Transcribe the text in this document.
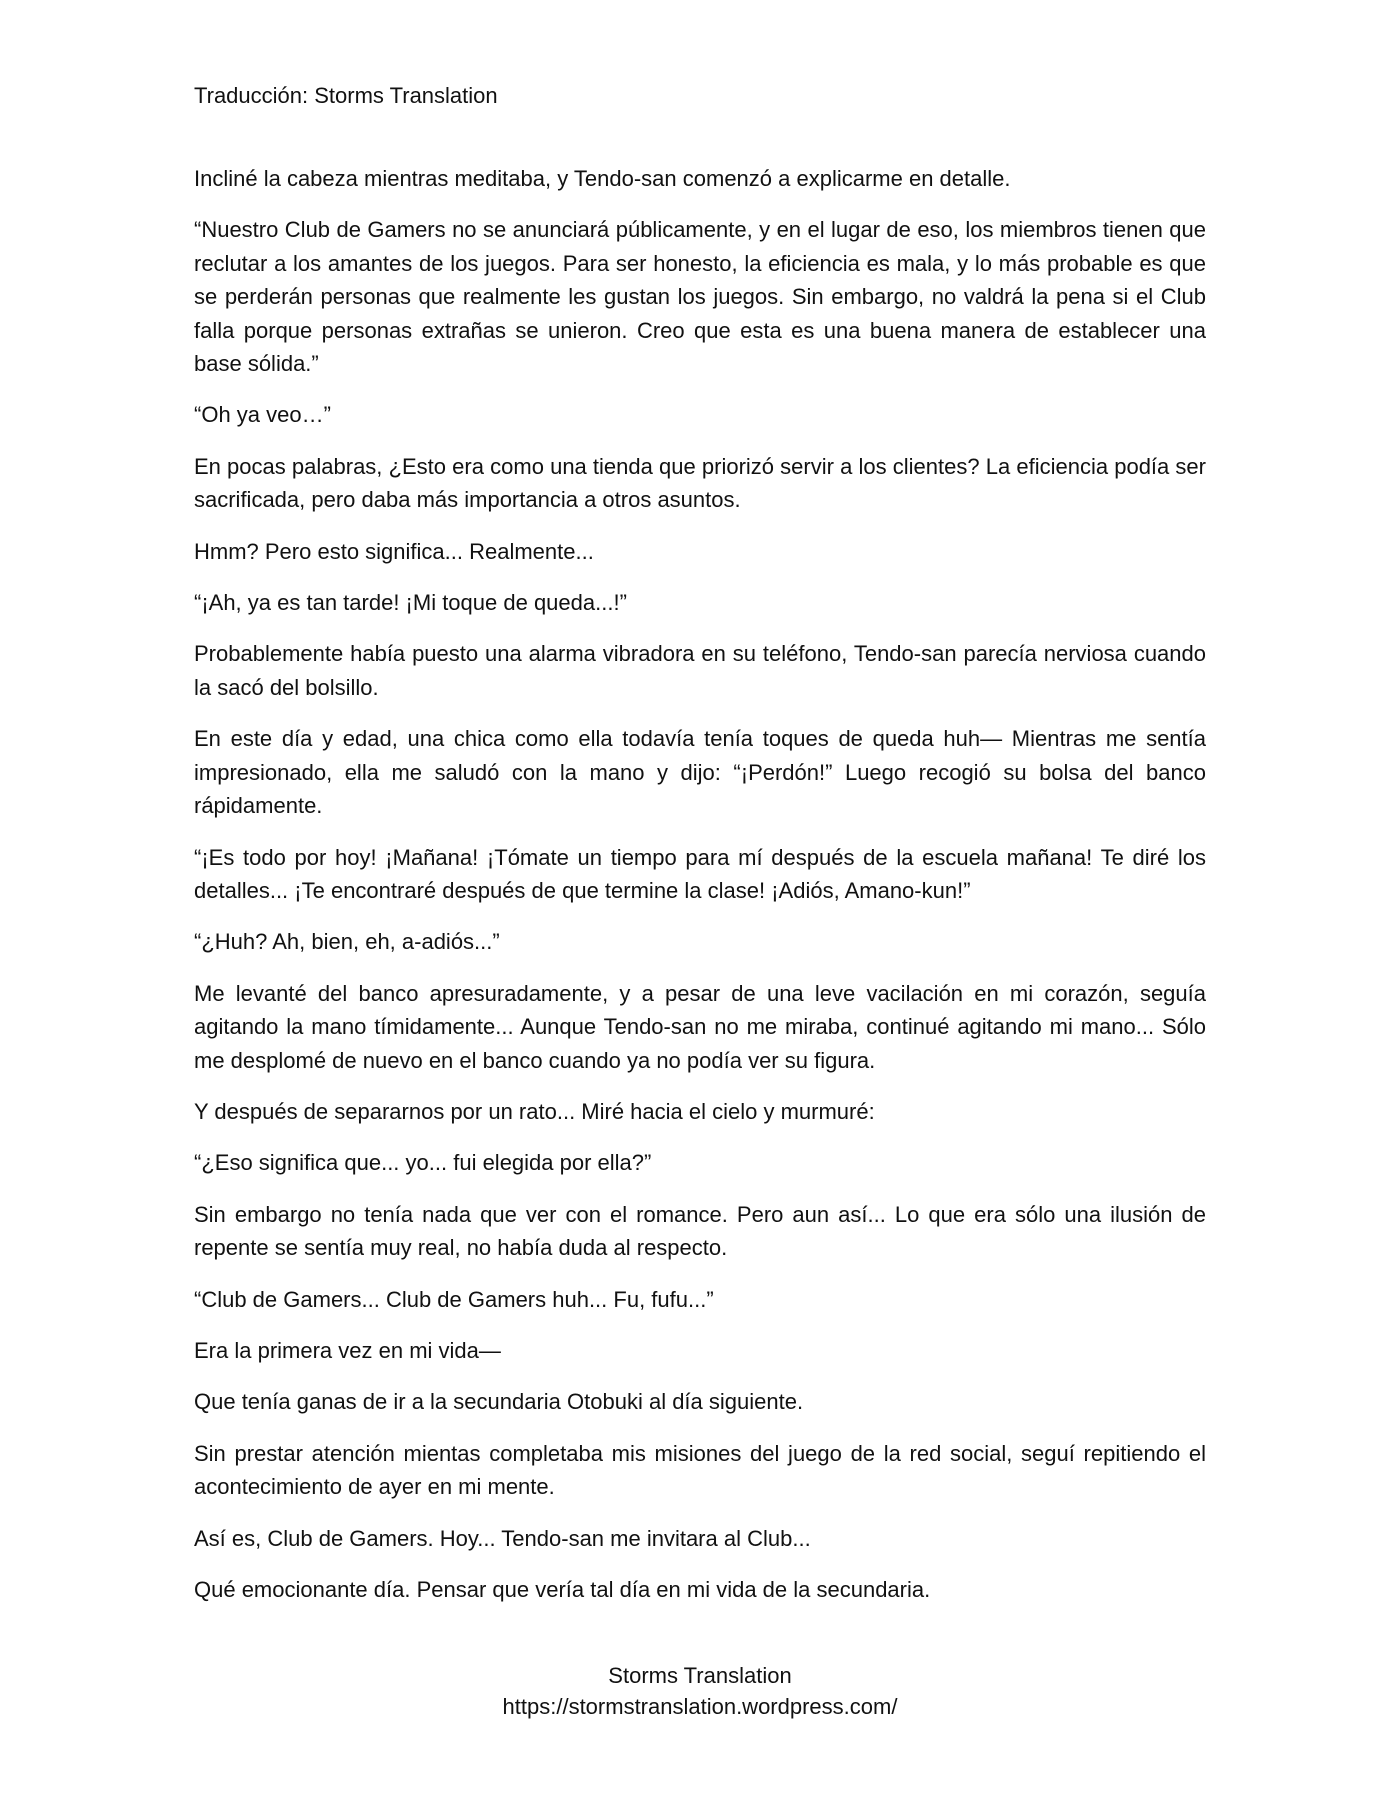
Traducción: Storms Translation

Incliné la cabeza mientras meditaba, y Tendo-san comenzó a explicarme en detalle.

“Nuestro Club de Gamers no se anunciará públicamente, y en el lugar de eso, los miembros tienen que reclutar a los amantes de los juegos. Para ser honesto, la eficiencia es mala, y lo más probable es que se perderán personas que realmente les gustan los juegos. Sin embargo, no valdrá la pena si el Club falla porque personas extrañas se unieron. Creo que esta es una buena manera de establecer una base sólida.”

“Oh ya veo…”

En pocas palabras, ¿Esto era como una tienda que priorizó servir a los clientes? La eficiencia podía ser sacrificada, pero daba más importancia a otros asuntos.

Hmm? Pero esto significa... Realmente...

“¡Ah, ya es tan tarde! ¡Mi toque de queda...!”

Probablemente había puesto una alarma vibradora en su teléfono, Tendo-san parecía nerviosa cuando la sacó del bolsillo.

En este día y edad, una chica como ella todavía tenía toques de queda huh— Mientras me sentía impresionado, ella me saludó con la mano y dijo: “¡Perdón!” Luego recogió su bolsa del banco rápidamente.

“¡Es todo por hoy! ¡Mañana! ¡Tómate un tiempo para mí después de la escuela mañana! Te diré los detalles... ¡Te encontraré después de que termine la clase! ¡Adiós, Amano-kun!”

“¿Huh? Ah, bien, eh, a-adiós...”

Me levanté del banco apresuradamente, y a pesar de una leve vacilación en mi corazón, seguía agitando la mano tímidamente... Aunque Tendo-san no me miraba, continué agitando mi mano... Sólo me desplomé de nuevo en el banco cuando ya no podía ver su figura.

Y después de separarnos por un rato... Miré hacia el cielo y murmuré:

“¿Eso significa que... yo... fui elegida por ella?”

Sin embargo no tenía nada que ver con el romance. Pero aun así... Lo que era sólo una ilusión de repente se sentía muy real, no había duda al respecto.

“Club de Gamers... Club de Gamers huh... Fu, fufu...”

Era la primera vez en mi vida—

Que tenía ganas de ir a la secundaria Otobuki al día siguiente.

Sin prestar atención mientas completaba mis misiones del juego de la red social, seguí repitiendo el acontecimiento de ayer en mi mente.

Así es, Club de Gamers. Hoy... Tendo-san me invitara al Club...

Qué emocionante día. Pensar que vería tal día en mi vida de la secundaria.

Storms Translation
https://stormstranslation.wordpress.com/
